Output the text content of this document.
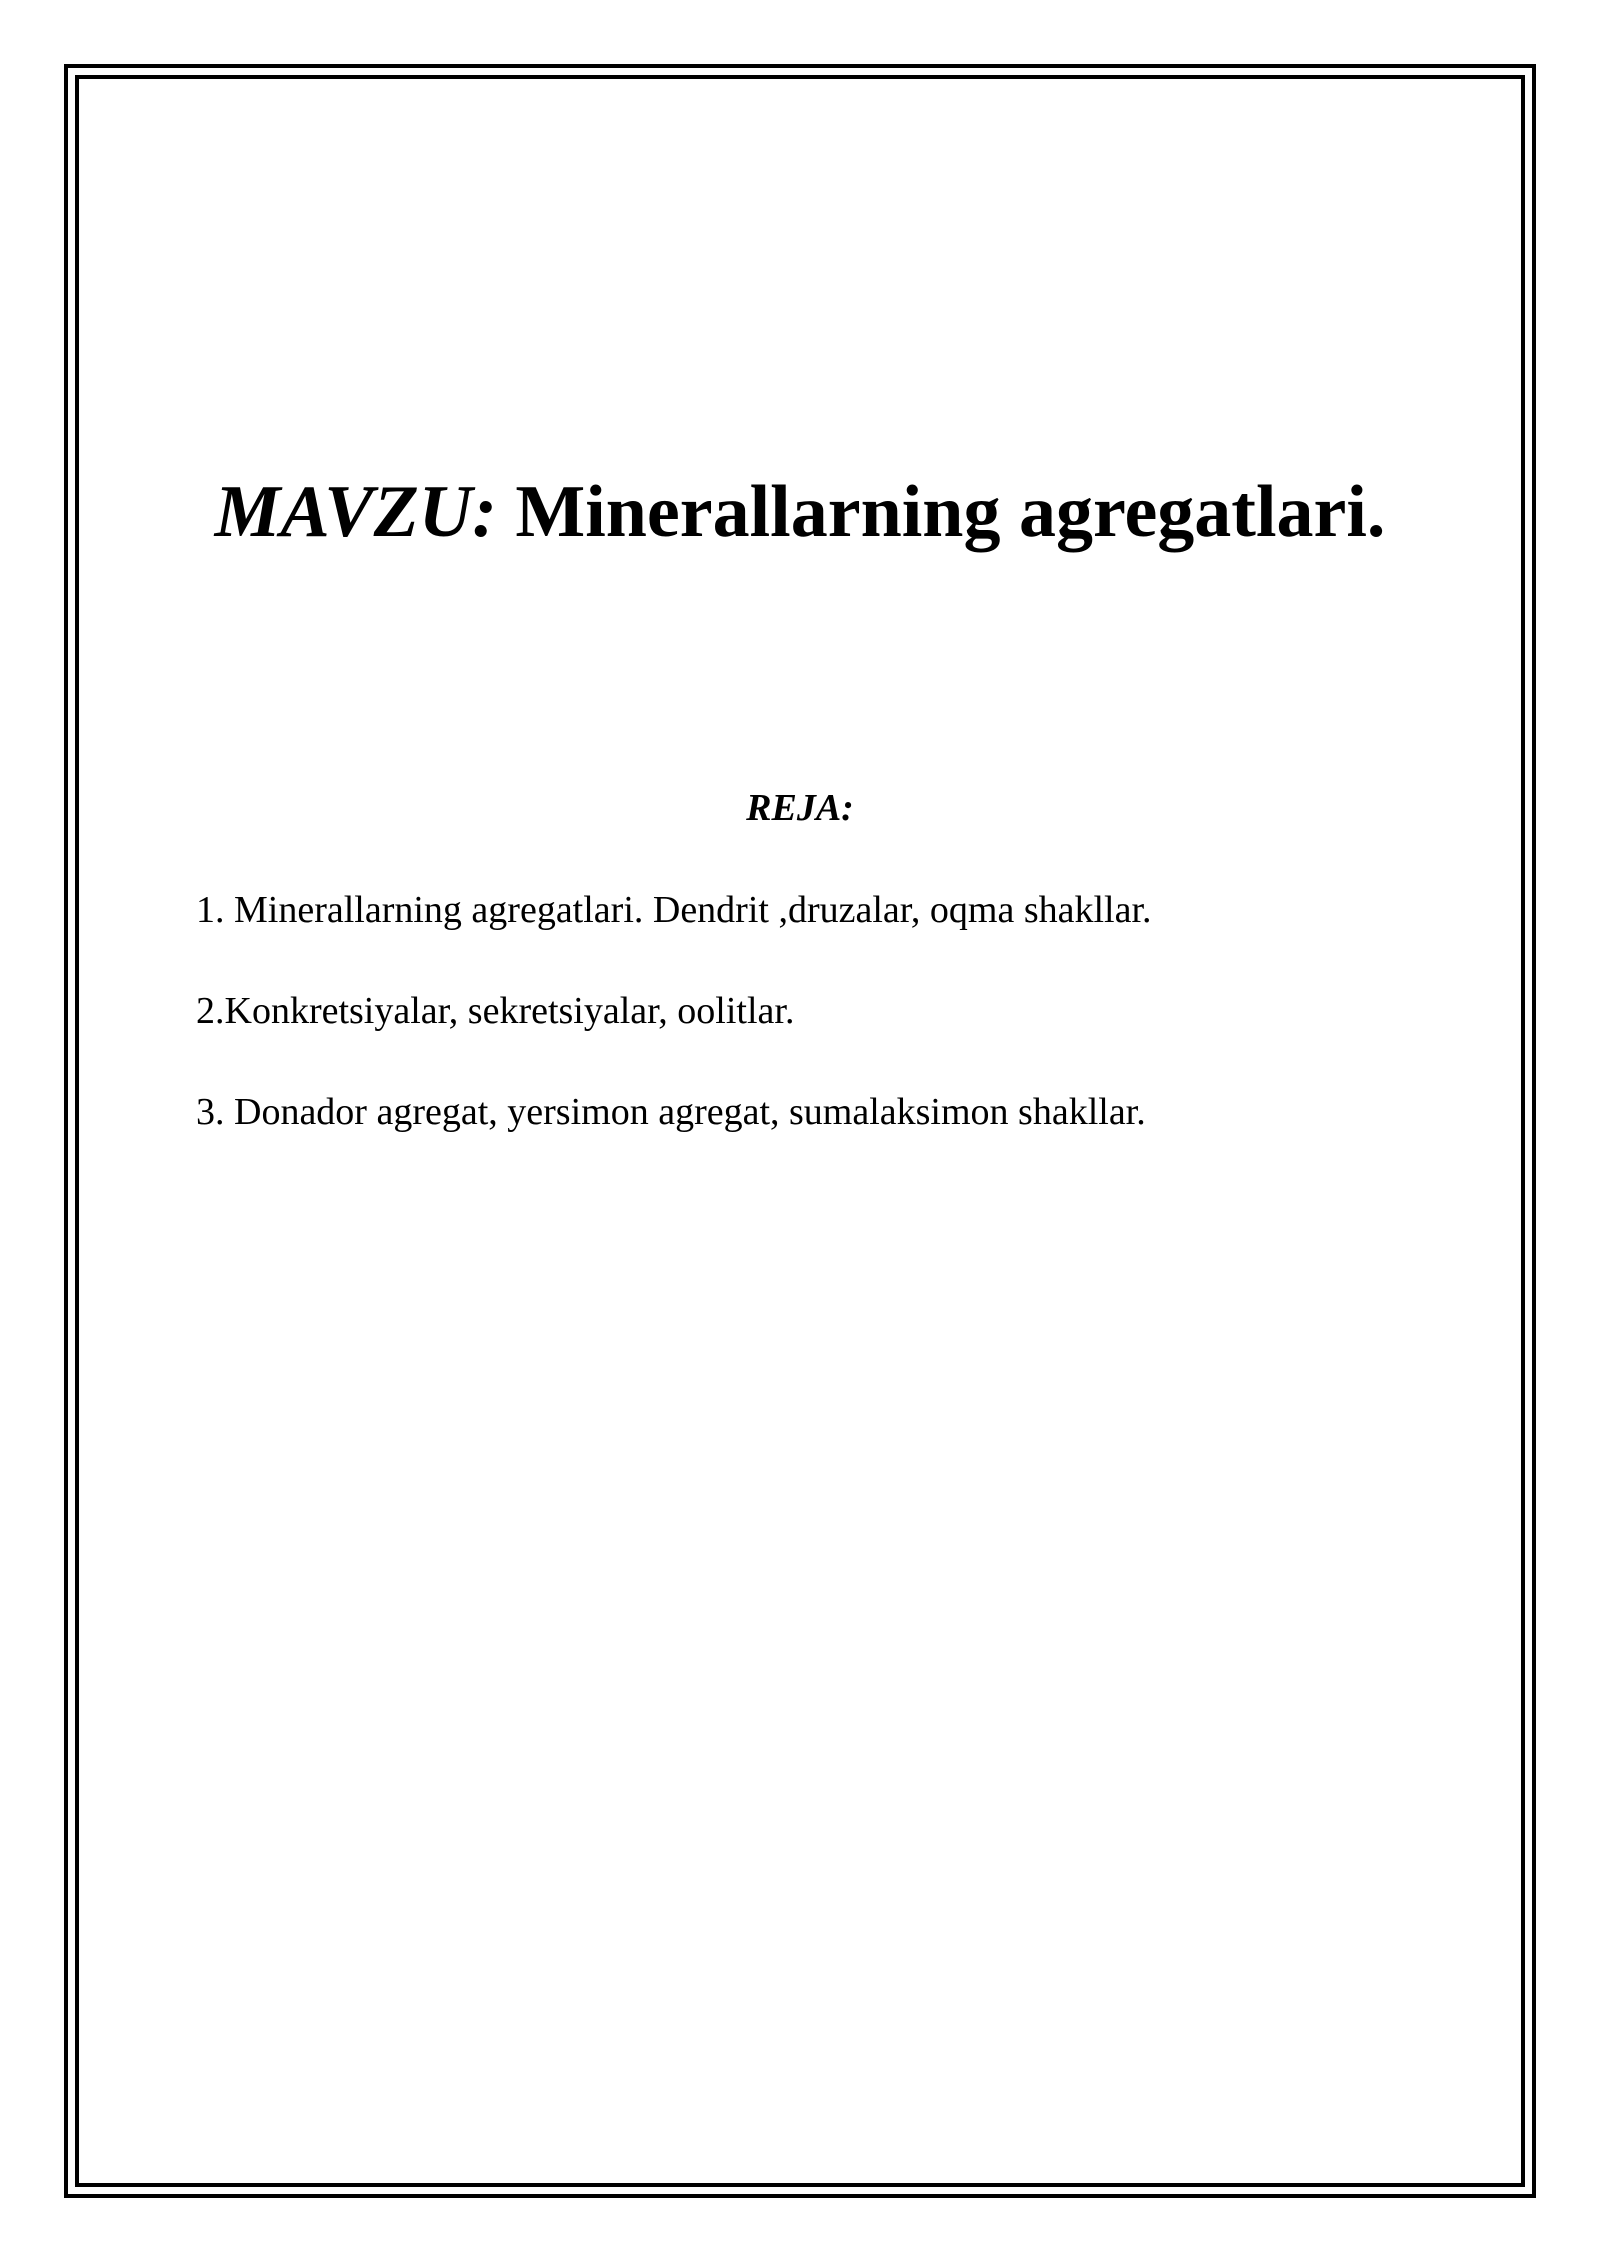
MAVZU: Minerallarning agregatlari.
REJA:
1. Minerallarning agregatlari. Dendrit ,druzalar, oqma shakllar.
2.Konkretsiyalar, sekretsiyalar, oolitlar.
3. Donador agregat, yersimon agregat, sumalaksimon shakllar.
